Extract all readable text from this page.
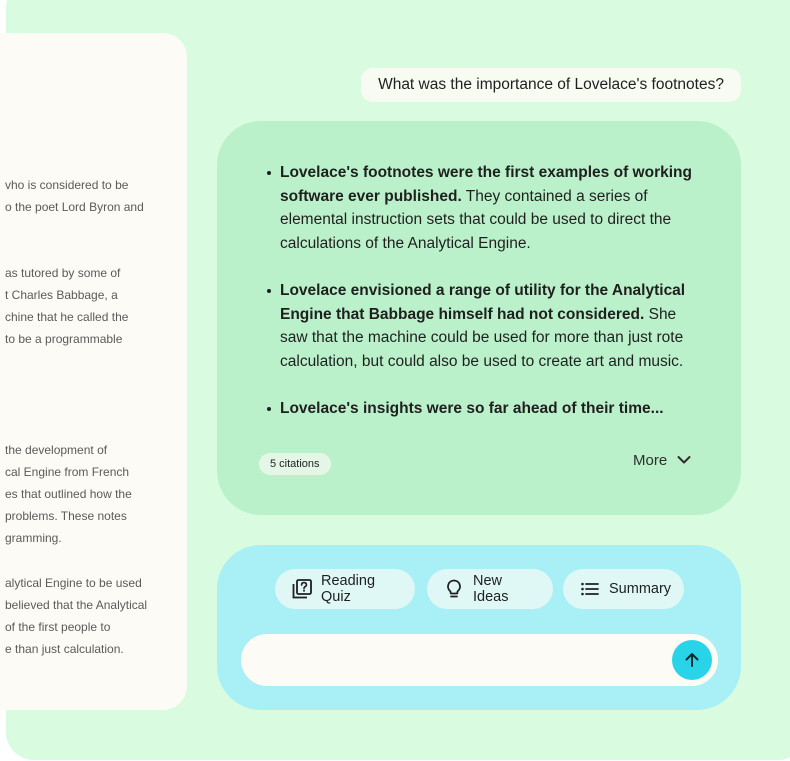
vho is considered to be

o the poet Lord Byron and

as tutored by some of

t Charles Babbage, a

chine that he called the

to be a programmable

the development of

cal Engine from French

es that outlined how the

problems. These notes

gramming.

alytical Engine to be used

believed that the Analytical

of the first people to

e than just calculation.

What was the importance of Lovelace's footnotes?
Lovelace's footnotes were the first examples of working software ever published. They contained a series of elemental instruction sets that could be used to direct the calculations of the Analytical Engine.
Lovelace envisioned a range of utility for the Analytical Engine that Babbage himself had not considered. She saw that the machine could be used for more than just rote calculation, but could also be used to create art and music.
Lovelace's insights were so far ahead of their time...
5 citations	More
Reading Quiz
New Ideas	Summary
